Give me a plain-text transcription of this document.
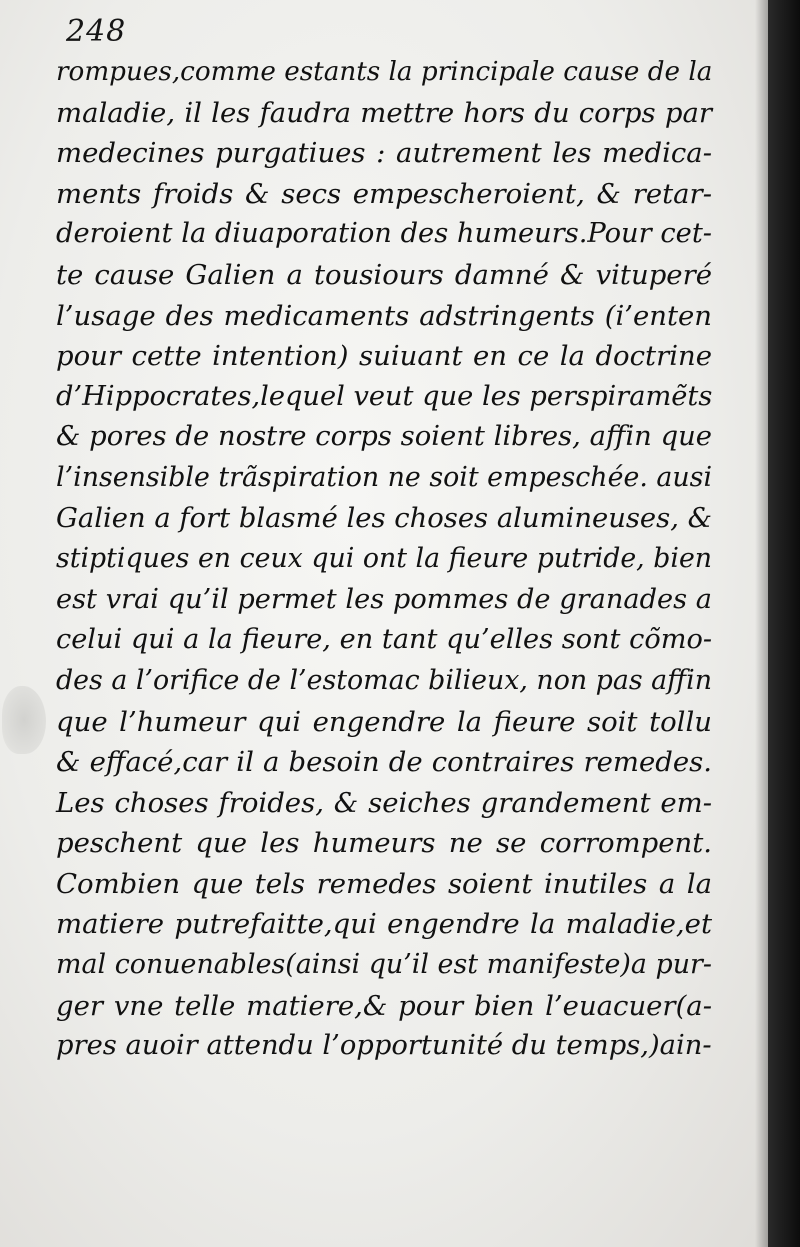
248
rompues,comme estants la principale cause de la
maladie, il les faudra mettre hors du corps par
medecines purgatiues : autrement les medica-
ments froids & secs empescheroient, & retar-
deroient la diuaporation des humeurs.Pour cet-
te cause Galien a tousiours damné & vituperé
l’usage des medicaments adstringents (i’enten
pour cette intention) suiuant en ce la doctrine
d’Hippocrates,lequel veut que les perspiramẽts
& pores de nostre corps soient libres, affin que
l’insensible trãspiration ne soit empeschée. ausi
Galien a fort blasmé les choses alumineuses, &
stiptiques en ceux qui ont la fieure putride, bien
est vrai qu’il permet les pommes de granades a
celui qui a la fieure, en tant qu’elles sont cõmo-
des a l’orifice de l’estomac bilieux, non pas affin
que l’humeur qui engendre la fieure soit tollu
& effacé,car il a besoin de contraires remedes.
Les choses froides, & seiches grandement em-
peschent que les humeurs ne se corrompent.
Combien que tels remedes soient inutiles a la
matiere putrefaitte,qui engendre la maladie,et
mal conuenables(ainsi qu’il est manifeste)a pur-
ger vne telle matiere,& pour bien l’euacuer(a-
pres auoir attendu l’opportunité du temps,)ain-
